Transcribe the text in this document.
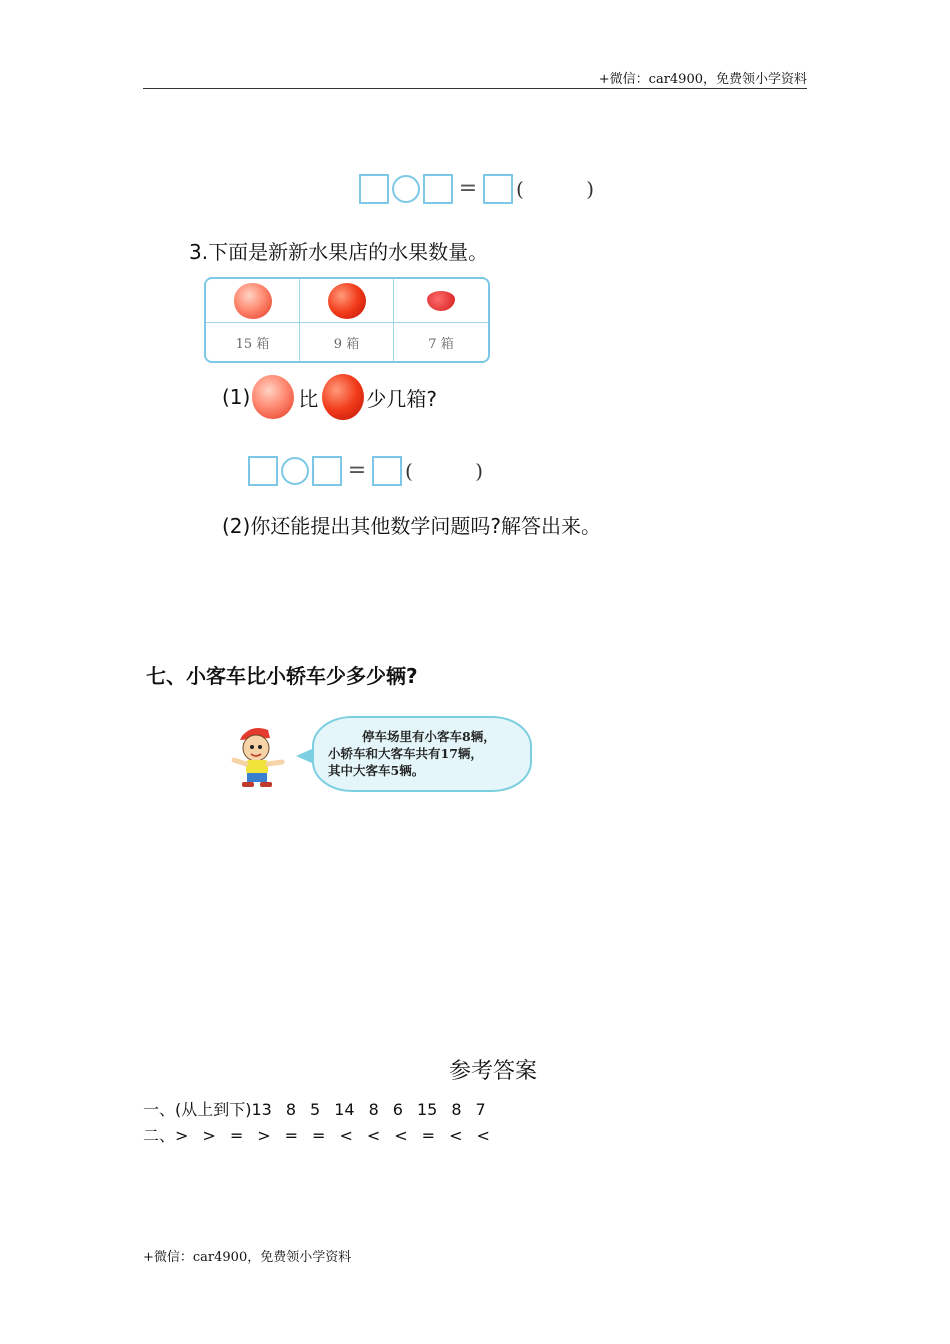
+微信：car4900，免费领小学资料
= (	)
3.下面是新新水果店的水果数量。
15 箱	9 箱	7 箱
(1) 比 少几箱?
= (	)
(2)你还能提出其他数学问题吗?解答出来。
七、小客车比小轿车少多少辆?
停车场里有小客车8辆，
小轿车和大客车共有17辆，
其中大客车5辆。
参考答案
一、(从上到下)13 8 5 14 8 6 15 8 7
二、> > = > = = < < < = < <
+微信：car4900，免费领小学资料
